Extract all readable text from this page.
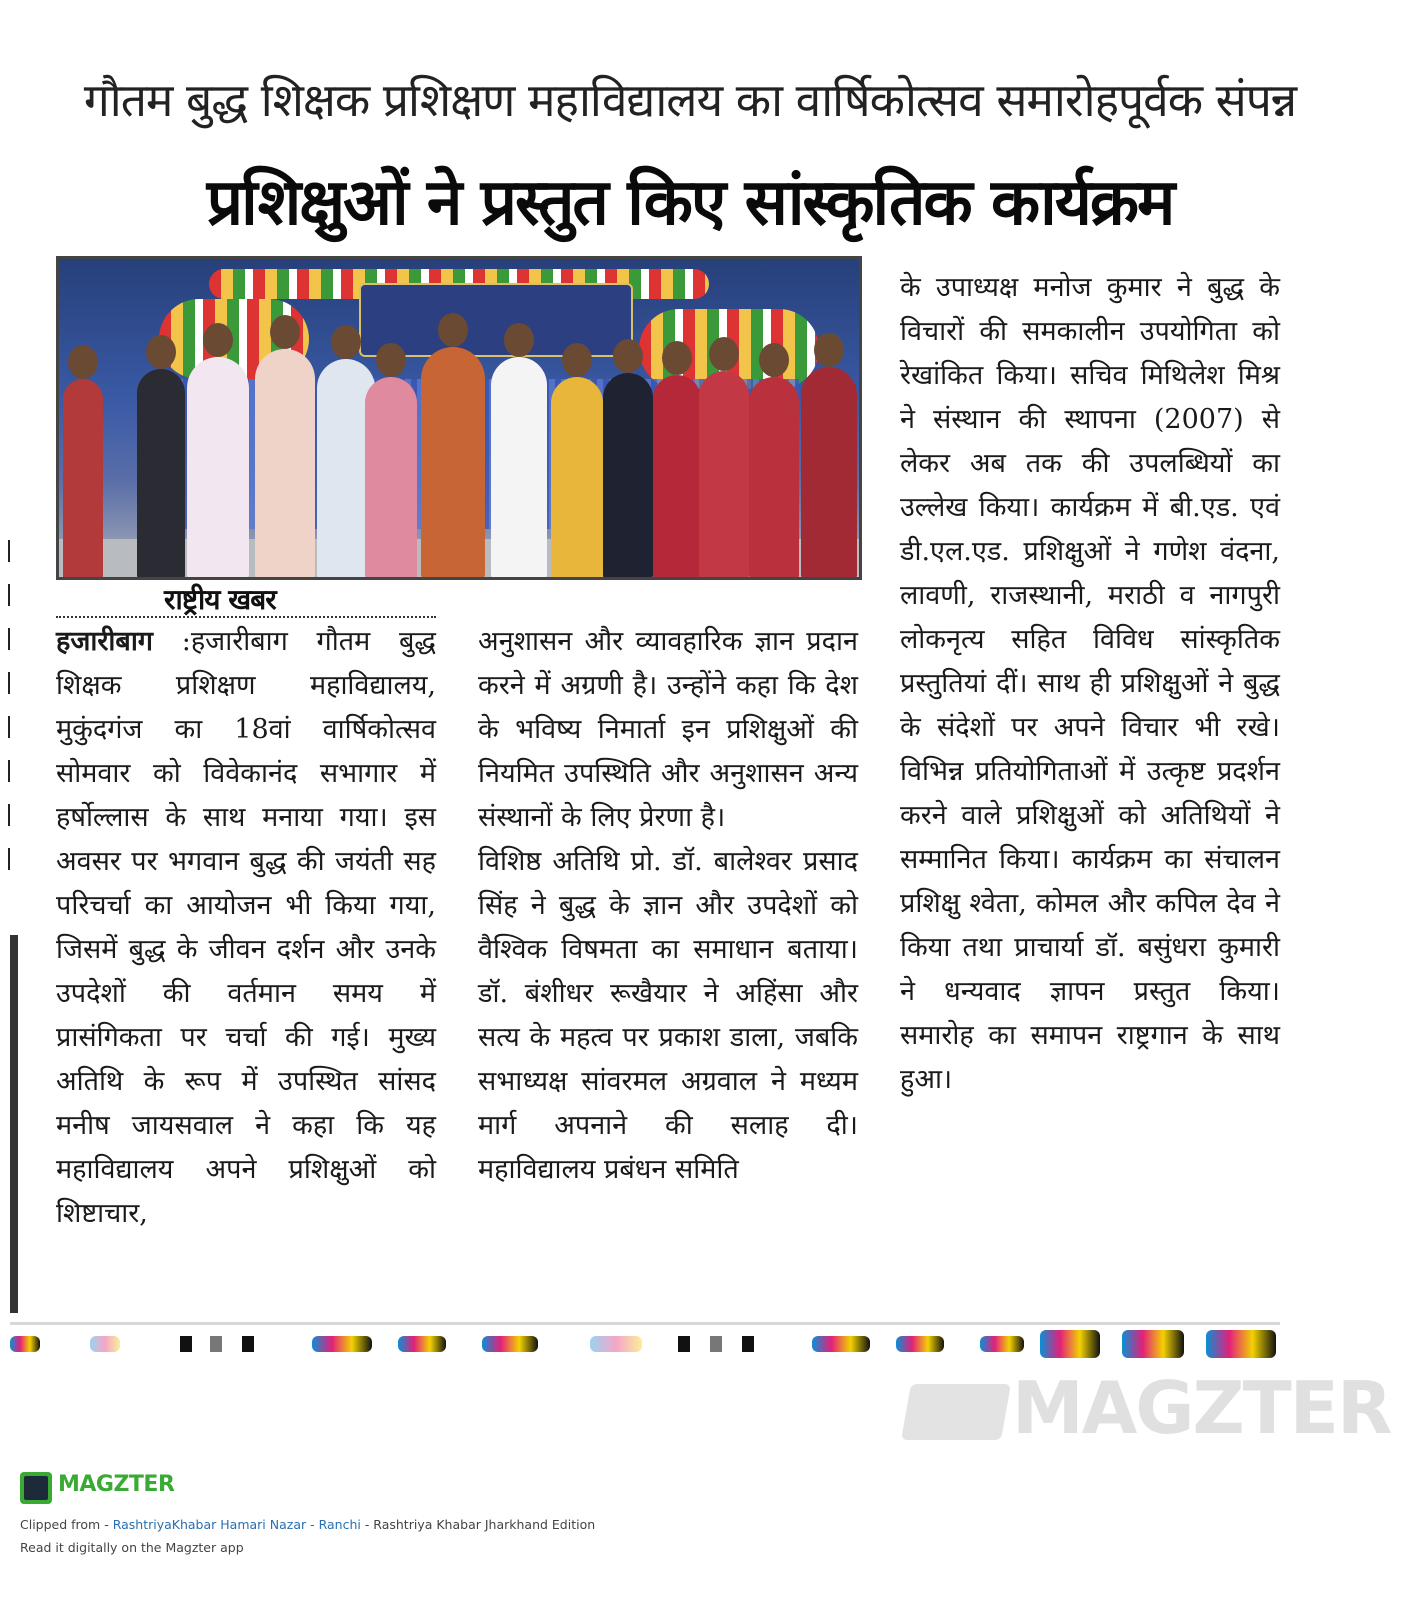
गौतम बुद्ध शिक्षक प्रशिक्षण महाविद्यालय का वार्षिकोत्सव समारोहपूर्वक संपन्न
प्रशिक्षुओं ने प्रस्तुत किए सांस्कृतिक कार्यक्रम
राष्ट्रीय खबर

हजारीबाग :हजारीबाग गौतम बुद्ध शिक्षक प्रशिक्षण महाविद्यालय, मुकुंदगंज का 18वां वार्षिकोत्सव सोमवार को विवेकानंद सभागार में हर्षोल्लास के साथ मनाया गया। इस अवसर पर भगवान बुद्ध की जयंती सह परिचर्चा का आयोजन भी किया गया, जिसमें बुद्ध के जीवन दर्शन और उनके उपदेशों की वर्तमान समय में प्रासंगिकता पर चर्चा की गई। मुख्य अतिथि के रूप में उपस्थित सांसद मनीष जायसवाल ने कहा कि यह महाविद्यालय अपने प्रशिक्षुओं को शिष्टाचार,

अनुशासन और व्यावहारिक ज्ञान प्रदान करने में अग्रणी है। उन्होंने कहा कि देश के भविष्य निमार्ता इन प्रशिक्षुओं की नियमित उपस्थिति और अनुशासन अन्य संस्थानों के लिए प्रेरणा है।

विशिष्ठ अतिथि प्रो. डॉ. बालेश्वर प्रसाद सिंह ने बुद्ध के ज्ञान और उपदेशों को वैश्विक विषमता का समाधान बताया। डॉ. बंशीधर रूखैयार ने अहिंसा और सत्य के महत्व पर प्रकाश डाला, जबकि सभाध्यक्ष सांवरमल अग्रवाल ने मध्यम मार्ग अपनाने की सलाह दी। महाविद्यालय प्रबंधन समिति

के उपाध्यक्ष मनोज कुमार ने बुद्ध के विचारों की समकालीन उपयोगिता को रेखांकित किया। सचिव मिथिलेश मिश्र ने संस्थान की स्थापना (2007) से लेकर अब तक की उपलब्धियों का उल्लेख किया। कार्यक्रम में बी.एड. एवं डी.एल.एड. प्रशिक्षुओं ने गणेश वंदना, लावणी, राजस्थानी, मराठी व नागपुरी लोकनृत्य सहित विविध सांस्कृतिक प्रस्तुतियां दीं। साथ ही प्रशिक्षुओं ने बुद्ध के संदेशों पर अपने विचार भी रखे। विभिन्न प्रतियोगिताओं में उत्कृष्ट प्रदर्शन करने वाले प्रशिक्षुओं को अतिथियों ने सम्मानित किया। कार्यक्रम का संचालन प्रशिक्षु श्वेता, कोमल और कपिल देव ने किया तथा प्राचार्या डॉ. बसुंधरा कुमारी ने धन्यवाद ज्ञापन प्रस्तुत किया। समारोह का समापन राष्ट्रगान के साथ हुआ।

MAGZTER
MAGZTER
Clipped from - RashtriyaKhabar Hamari Nazar - Ranchi - Rashtriya Khabar Jharkhand Edition
Read it digitally on the Magzter app
